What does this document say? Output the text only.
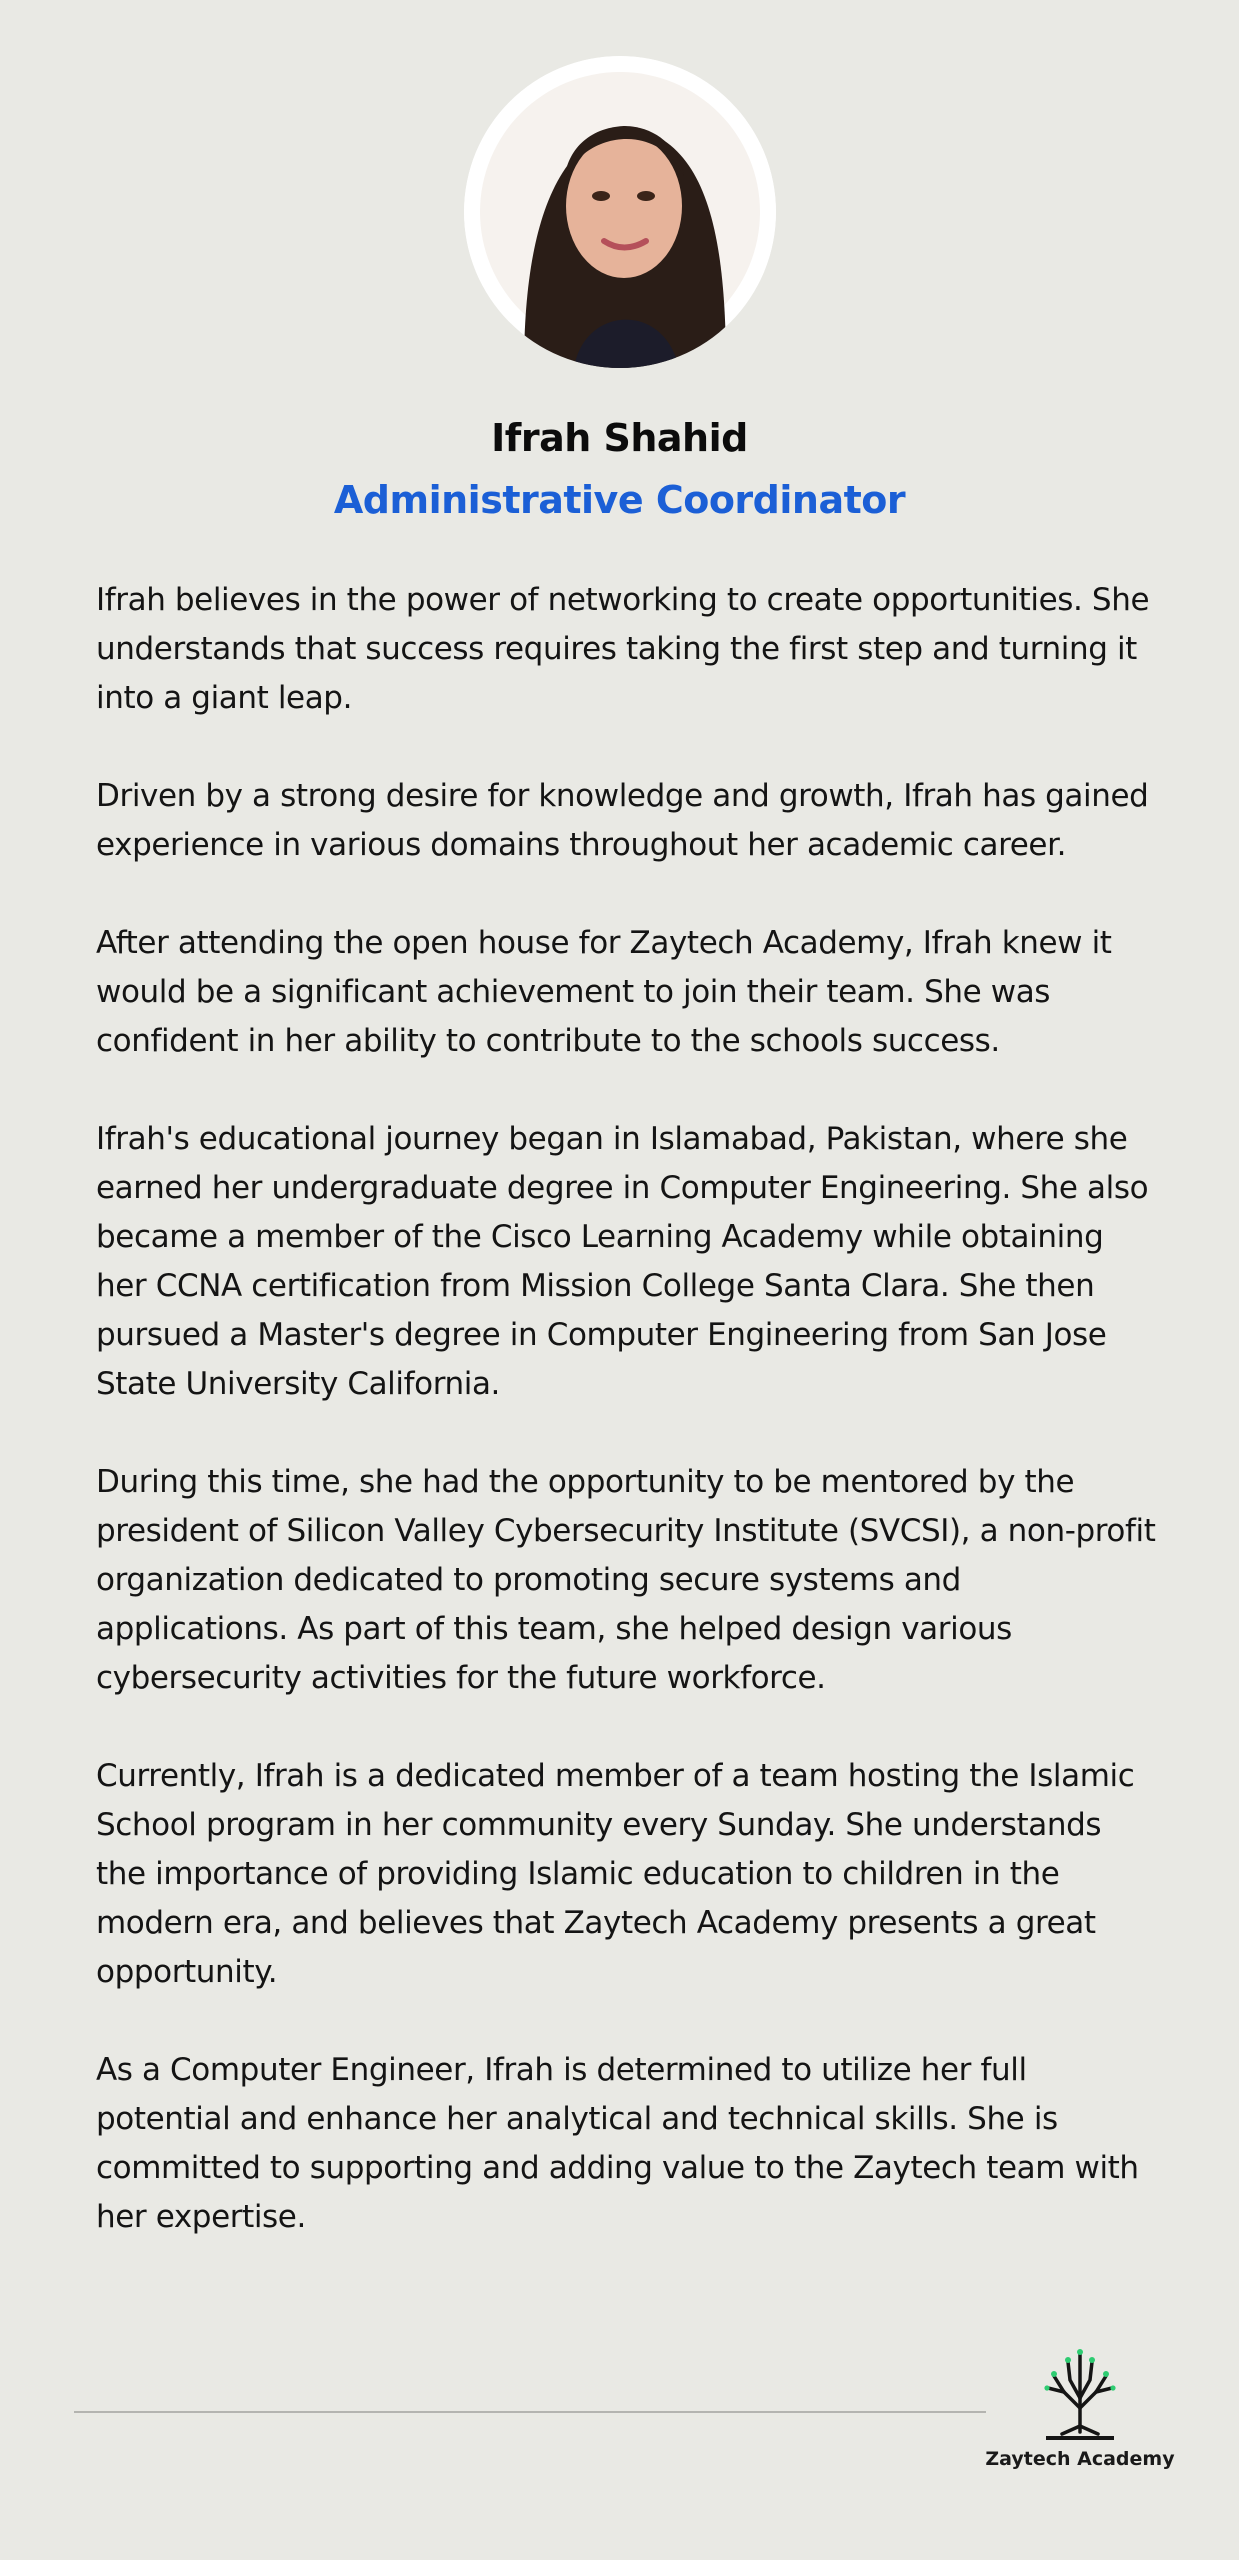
Ifrah Shahid
Administrative Coordinator

Ifrah believes in the power of networking to create opportunities. She understands that success requires taking the first step and turning it into a giant leap.

Driven by a strong desire for knowledge and growth, Ifrah has gained experience in various domains throughout her academic career.

After attending the open house for Zaytech Academy, Ifrah knew it would be a significant achievement to join their team. She was confident in her ability to contribute to the schools success.

Ifrah's educational journey began in Islamabad, Pakistan, where she earned her undergraduate degree in Computer Engineering. She also became a member of the Cisco Learning Academy while obtaining her CCNA certification from Mission College Santa Clara. She then pursued a Master's degree in Computer Engineering from San Jose State University California.

During this time, she had the opportunity to be mentored by the president of Silicon Valley Cybersecurity Institute (SVCSI), a non-profit organization dedicated to promoting secure systems and applications. As part of this team, she helped design various cybersecurity activities for the future workforce.

Currently, Ifrah is a dedicated member of a team hosting the Islamic School program in her community every Sunday. She understands the importance of providing Islamic education to children in the modern era, and believes that Zaytech Academy presents a great opportunity.

As a Computer Engineer, Ifrah is determined to utilize her full potential and enhance her analytical and technical skills. She is committed to supporting and adding value to the Zaytech team with her expertise.

Zaytech Academy
